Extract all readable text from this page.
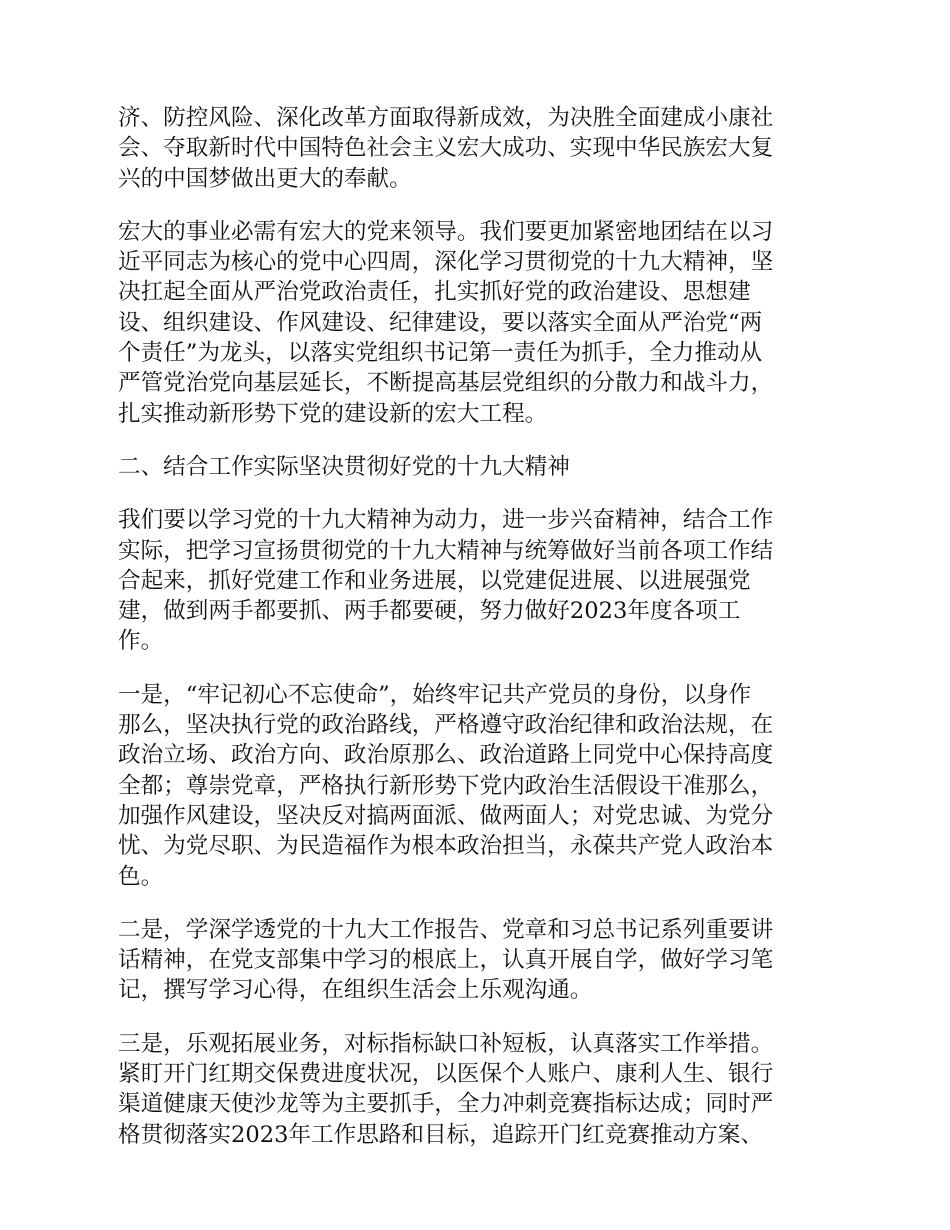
济、防控风险、深化改革方面取得新成效，为决胜全面建成小康社
会、夺取新时代中国特色社会主义宏大成功、实现中华民族宏大复
兴的中国梦做出更大的奉献。

宏大的事业必需有宏大的党来领导。我们要更加紧密地团结在以习
近平同志为核心的党中心四周，深化学习贯彻党的十九大精神，坚
决扛起全面从严治党政治责任，扎实抓好党的政治建设、思想建
设、组织建设、作风建设、纪律建设，要以落实全面从严治党“两
个责任”为龙头，以落实党组织书记第一责任为抓手，全力推动从
严管党治党向基层延长，不断提高基层党组织的分散力和战斗力，
扎实推动新形势下党的建设新的宏大工程。

二、结合工作实际坚决贯彻好党的十九大精神

我们要以学习党的十九大精神为动力，进一步兴奋精神，结合工作
实际，把学习宣扬贯彻党的十九大精神与统筹做好当前各项工作结
合起来，抓好党建工作和业务进展，以党建促进展、以进展强党
建，做到两手都要抓、两手都要硬，努力做好2023年度各项工
作。

一是，“牢记初心不忘使命”，始终牢记共产党员的身份，以身作
那么，坚决执行党的政治路线，严格遵守政治纪律和政治法规，在
政治立场、政治方向、政治原那么、政治道路上同党中心保持高度
全都；尊崇党章，严格执行新形势下党内政治生活假设干准那么，
加强作风建设，坚决反对搞两面派、做两面人；对党忠诚、为党分
忧、为党尽职、为民造福作为根本政治担当，永葆共产党人政治本
色。

二是，学深学透党的十九大工作报告、党章和习总书记系列重要讲
话精神，在党支部集中学习的根底上，认真开展自学，做好学习笔
记，撰写学习心得，在组织生活会上乐观沟通。

三是，乐观拓展业务，对标指标缺口补短板，认真落实工作举措。
紧盯开门红期交保费进度状况，以医保个人账户、康利人生、银行
渠道健康天使沙龙等为主要抓手，全力冲刺竞赛指标达成；同时严
格贯彻落实2023年工作思路和目标，追踪开门红竞赛推动方案、
